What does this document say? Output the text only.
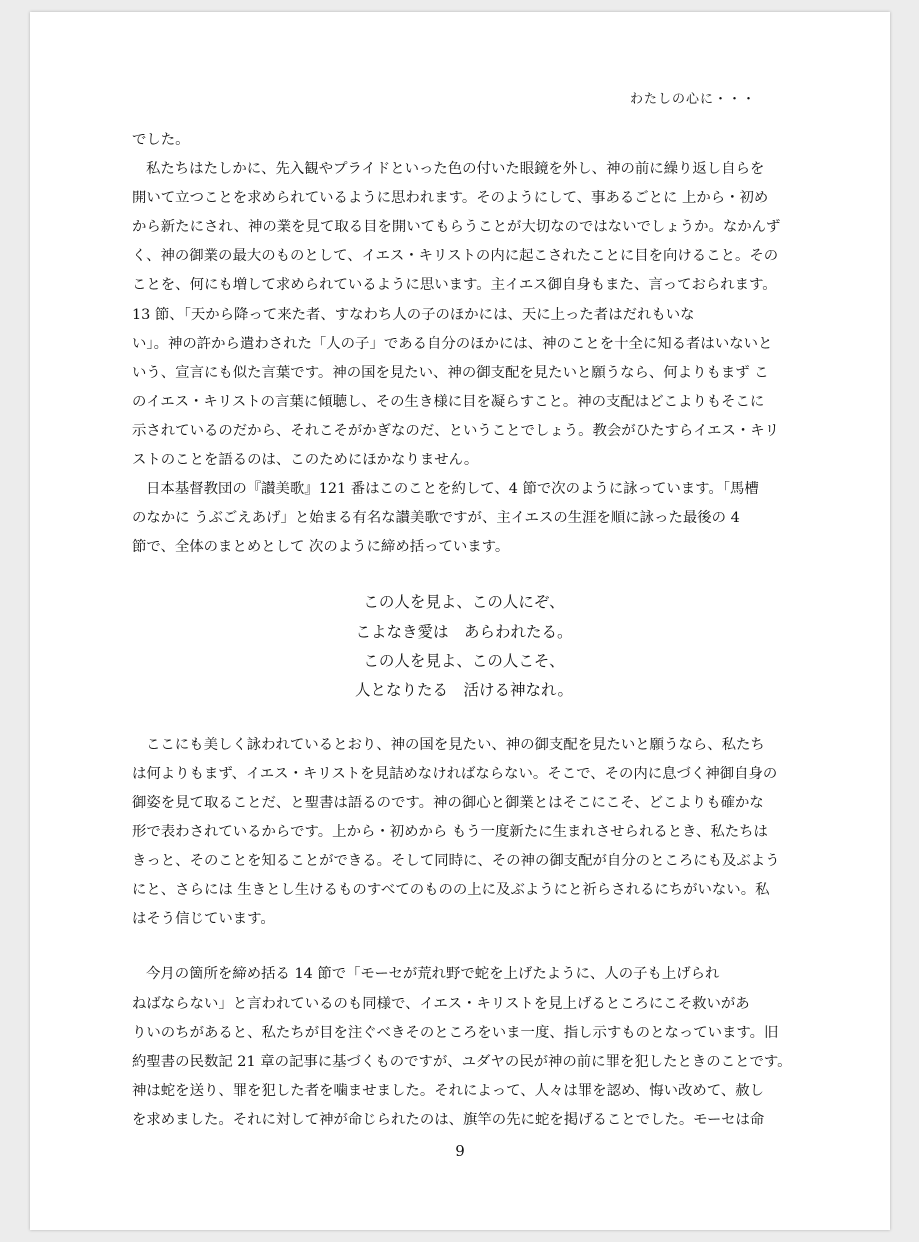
わたしの心に・・・
でした。
私たちはたしかに、先入観やプライドといった色の付いた眼鏡を外し、神の前に繰り返し自らを
開いて立つことを求められているように思われます。そのようにして、事あるごとに 上から・初め
から新たにされ、神の業を見て取る目を開いてもらうことが大切なのではないでしょうか。なかんず
く、神の御業の最大のものとして、イエス・キリストの内に起こされたことに目を向けること。その
ことを、何にも増して求められているように思います。主イエス御自身もまた、言っておられます。
13 節、「天から降って来た者、すなわち人の子のほかには、天に上った者はだれもいな
い」。神の許から遣わされた「人の子」である自分のほかには、神のことを十全に知る者はいないと
いう、宣言にも似た言葉です。神の国を見たい、神の御支配を見たいと願うなら、何よりもまず こ
のイエス・キリストの言葉に傾聴し、その生き様に目を凝らすこと。神の支配はどこよりもそこに
示されているのだから、それこそがかぎなのだ、ということでしょう。教会がひたすらイエス・キリ
ストのことを語るのは、このためにほかなりません。
日本基督教団の『讃美歌』121 番はこのことを約して、4 節で次のように詠っています。「馬槽
のなかに うぶごえあげ」と始まる有名な讃美歌ですが、主イエスの生涯を順に詠った最後の 4
節で、全体のまとめとして 次のように締め括っています。
この人を見よ、この人にぞ、
こよなき愛は　あらわれたる。
この人を見よ、この人こそ、
人となりたる　活ける神なれ。
ここにも美しく詠われているとおり、神の国を見たい、神の御支配を見たいと願うなら、私たち
は何よりもまず、イエス・キリストを見詰めなければならない。そこで、その内に息づく神御自身の
御姿を見て取ることだ、と聖書は語るのです。神の御心と御業とはそこにこそ、どこよりも確かな
形で表わされているからです。上から・初めから もう一度新たに生まれさせられるとき、私たちは
きっと、そのことを知ることができる。そして同時に、その神の御支配が自分のところにも及ぶよう
にと、さらには 生きとし生けるものすべてのものの上に及ぶようにと祈らされるにちがいない。私
はそう信じています。
今月の箇所を締め括る 14 節で「モーセが荒れ野で蛇を上げたように、人の子も上げられ
ねばならない」と言われているのも同様で、イエス・キリストを見上げるところにこそ救いがあ
りいのちがあると、私たちが目を注ぐべきそのところをいま一度、指し示すものとなっています。旧
約聖書の民数記 21 章の記事に基づくものですが、ユダヤの民が神の前に罪を犯したときのことです。
神は蛇を送り、罪を犯した者を噛ませました。それによって、人々は罪を認め、悔い改めて、赦し
を求めました。それに対して神が命じられたのは、旗竿の先に蛇を掲げることでした。モーセは命
9
